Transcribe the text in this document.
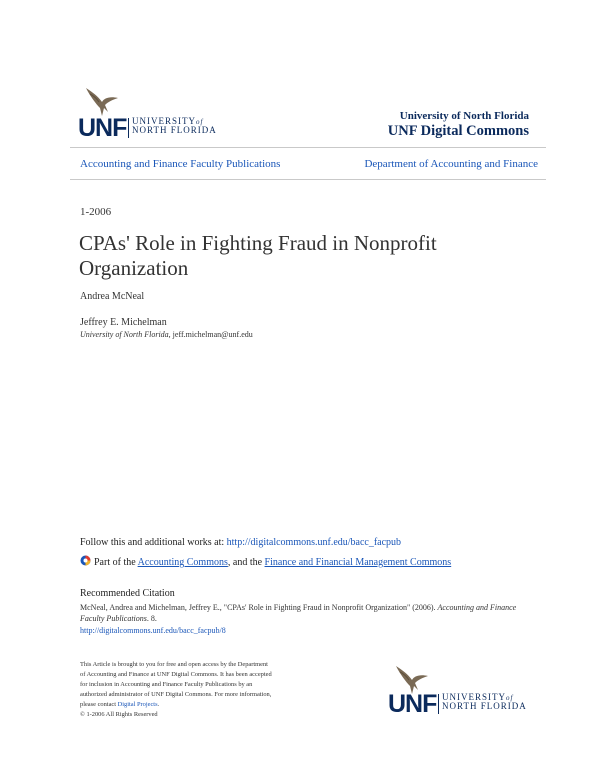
UNF UNIVERSITYof
NORTH FLORIDA
University of North Florida
UNF Digital Commons
Accounting and Finance Faculty Publications	Department of Accounting and Finance
1-2006
CPAs' Role in Fighting Fraud in Nonprofit
Organization
Andrea McNeal
Jeffrey E. Michelman
University of North Florida, jeff.michelman@unf.edu
Follow this and additional works at: http://digitalcommons.unf.edu/bacc_facpub
Part of the Accounting Commons, and the Finance and Financial Management Commons
Recommended Citation
McNeal, Andrea and Michelman, Jeffrey E., "CPAs' Role in Fighting Fraud in Nonprofit Organization" (2006). Accounting and Finance
Faculty Publications. 8.
http://digitalcommons.unf.edu/bacc_facpub/8
This Article is brought to you for free and open access by the Department
of Accounting and Finance at UNF Digital Commons. It has been accepted
for inclusion in Accounting and Finance Faculty Publications by an
authorized administrator of UNF Digital Commons. For more information,
please contact Digital Projects.
© 1-2006 All Rights Reserved	UNF UNIVERSITYof
NORTH FLORIDA
